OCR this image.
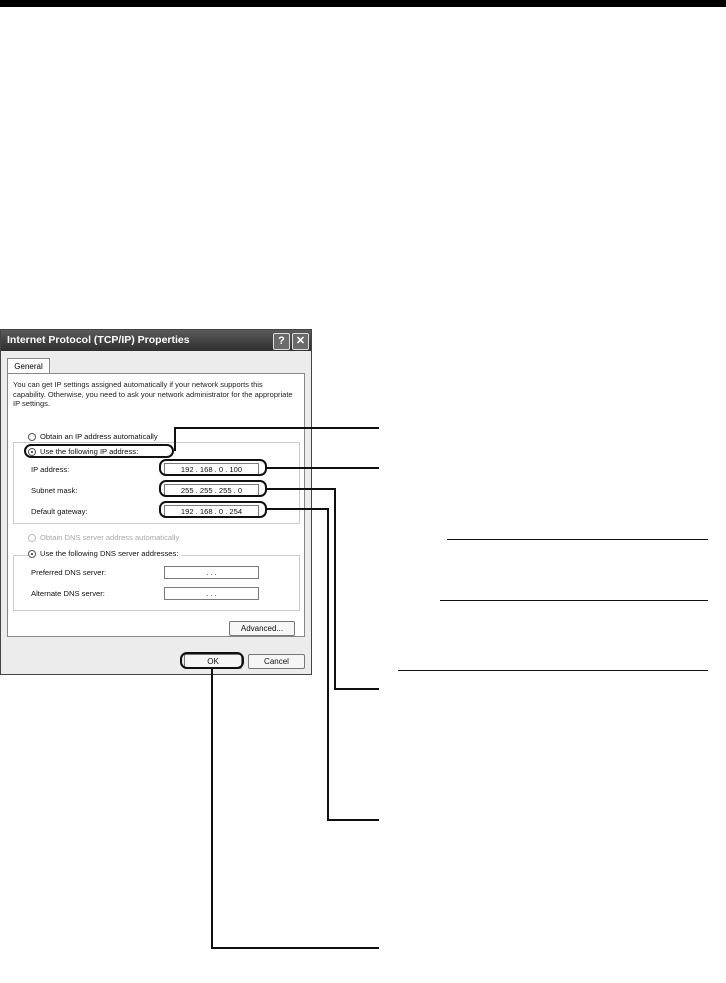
Internet Protocol (TCP/IP) Properties	?	✕
General
You can get IP settings assigned automatically if your network supports this capability. Otherwise, you need to ask your network administrator for the appropriate IP settings.
Obtain an IP address automatically
Use the following IP address:
IP address:	192 . 168 . 0 . 100
Subnet mask:	255 . 255 . 255 . 0
Default gateway:	192 . 168 . 0 . 254
Obtain DNS server address automatically
Use the following DNS server addresses:
Preferred DNS server:	. . .
Alternate DNS server:	. . .
Advanced...
OK	Cancel
